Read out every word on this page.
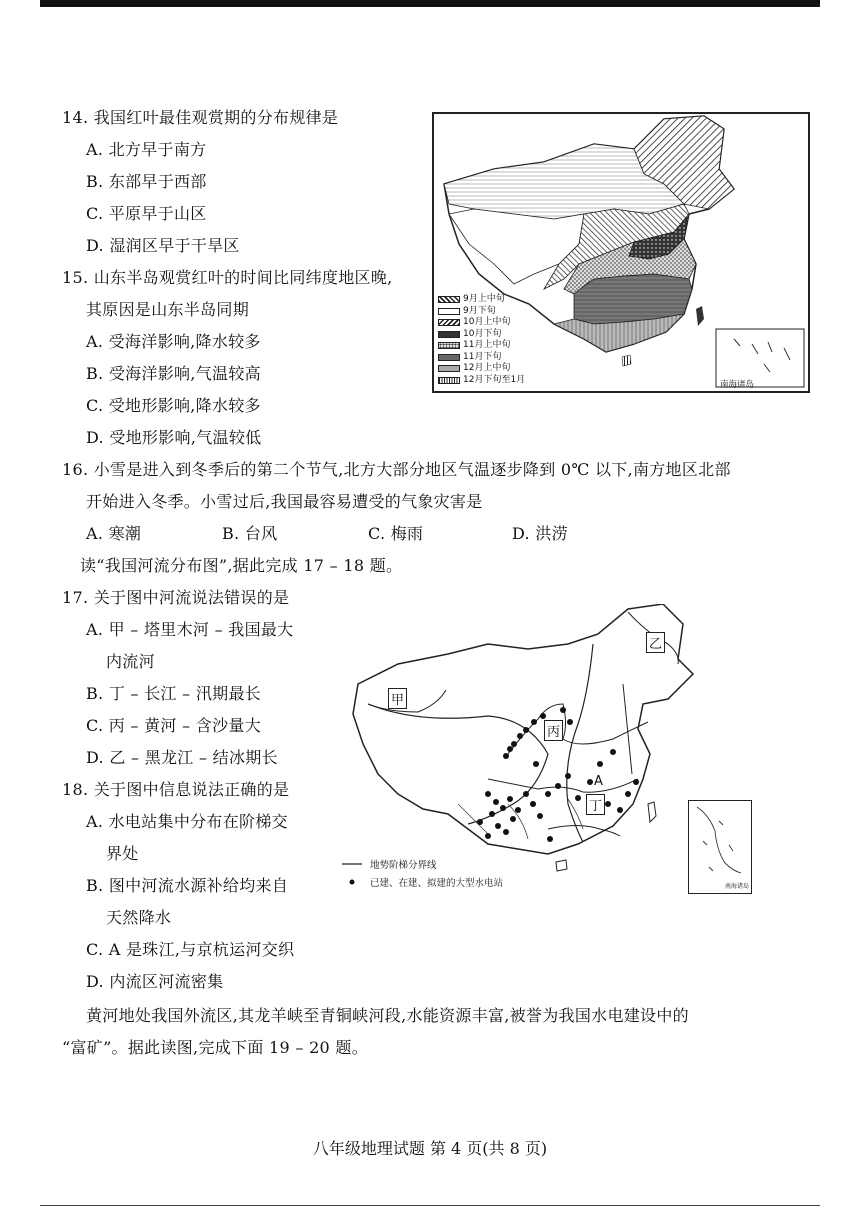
14. 我国红叶最佳观赏期的分布规律是
A. 北方早于南方
B. 东部早于西部
C. 平原早于山区
D. 湿润区早于干旱区
15. 山东半岛观赏红叶的时间比同纬度地区晚,
其原因是山东半岛同期
A. 受海洋影响,降水较多
B. 受海洋影响,气温较高
C. 受地形影响,降水较多
D. 受地形影响,气温较低
南海诸岛
9月上中旬
9月下旬
10月上中旬
10月下旬
11月上中旬
11月下旬
12月上中旬
12月下旬至1月
16. 小雪是进入到冬季后的第二个节气,北方大部分地区气温逐步降到 0℃ 以下,南方地区北部
开始进入冬季。小雪过后,我国最容易遭受的气象灾害是
A. 寒潮	B. 台风	C. 梅雨	D. 洪涝
读“我国河流分布图”,据此完成 17 – 18 题。
17. 关于图中河流说法错误的是
A. 甲 – 塔里木河 – 我国最大
内流河
B. 丁 – 长江 – 汛期最长
C. 丙 – 黄河 – 含沙量大
D. 乙 – 黑龙江 – 结冰期长
18. 关于图中信息说法正确的是
A. 水电站集中分布在阶梯交
界处
B. 图中河流水源补给均来自
天然降水
C. A 是珠江,与京杭运河交织
D. 内流区河流密集
甲
乙
丙
丁
A
地势阶梯分界线
已建、在建、拟建的大型水电站	南海诸岛
黄河地处我国外流区,其龙羊峡至青铜峡河段,水能资源丰富,被誉为我国水电建设中的
“富矿”。据此读图,完成下面 19 – 20 题。
八年级地理试题 第 4 页(共 8 页)
